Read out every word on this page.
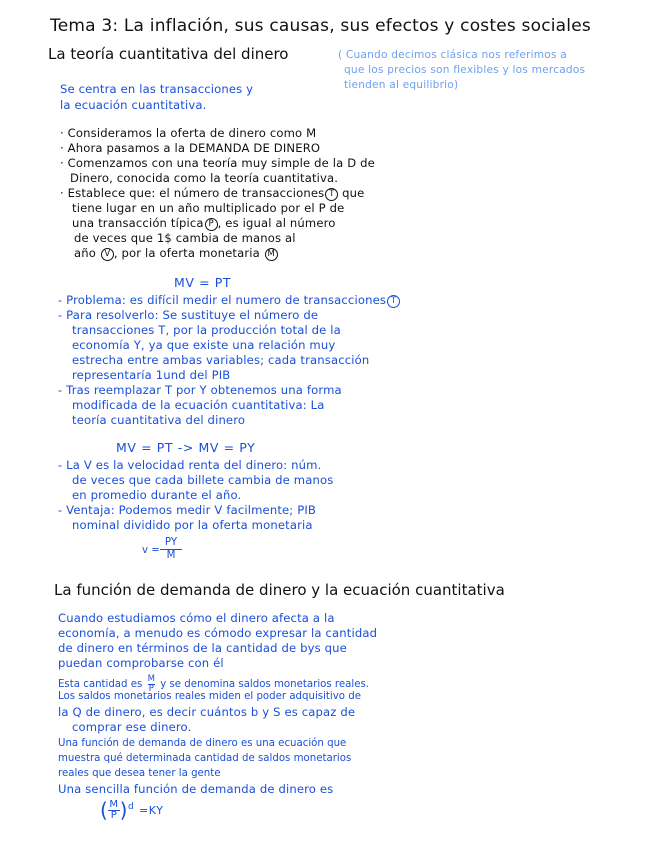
Tema 3: La inflación, sus causas, sus efectos y costes sociales
La teoría cuantitativa del dinero	( Cuando decimos clásica nos referimos a
que los precios son flexibles y los mercados
tienden al equilibrio)
Se centra en las transacciones y
la ecuación cuantitativa.
· Consideramos la oferta de dinero como M
· Ahora pasamos a la DEMANDA DE DINERO
· Comenzamos con una teoría muy simple de la D de
Dinero, conocida como la teoría cuantitativa.
· Establece que: el número de transacciones T que
tiene lugar en un año multiplicado por el P de
una transacción típica P , es igual al número
de veces que 1$ cambia de manos al
año V , por la oferta monetaria M
MV = PT
- Problema: es difícil medir el numero de transacciones T
- Para resolverlo: Se sustituye el número de
transacciones T, por la producción total de la
economía Y, ya que existe una relación muy
estrecha entre ambas variables; cada transacción
representaría 1und del PIB
- Tras reemplazar T por Y obtenemos una forma
modificada de la ecuación cuantitativa: La
teoría cuantitativa del dinero
MV = PT -> MV = PY
- La V es la velocidad renta del dinero: núm.
de veces que cada billete cambia de manos
en promedio durante el año.
- Ventaja: Podemos medir V facilmente; PIB
nominal dividido por la oferta monetaria
$v = \frac{PY}{M}$
La función de demanda de dinero y la ecuación cuantitativa
Cuando estudiamos cómo el dinero afecta a la
economía, a menudo es cómodo expresar la cantidad
de dinero en términos de la cantidad de bys que
puedan comprobarse con él
Esta cantidad es $\frac{M}{P}$ y se denomina saldos monetarios reales.
Los saldos monetarios reales miden el poder adquisitivo de
la Q de dinero, es decir cuántos b y S es capaz de
comprar ese dinero.
Una función de demanda de dinero es una ecuación que
muestra qué determinada cantidad de saldos monetarios
reales que desea tener la gente
Una sencilla función de demanda de dinero es
( $\frac{M}{P} )^d =KY$
